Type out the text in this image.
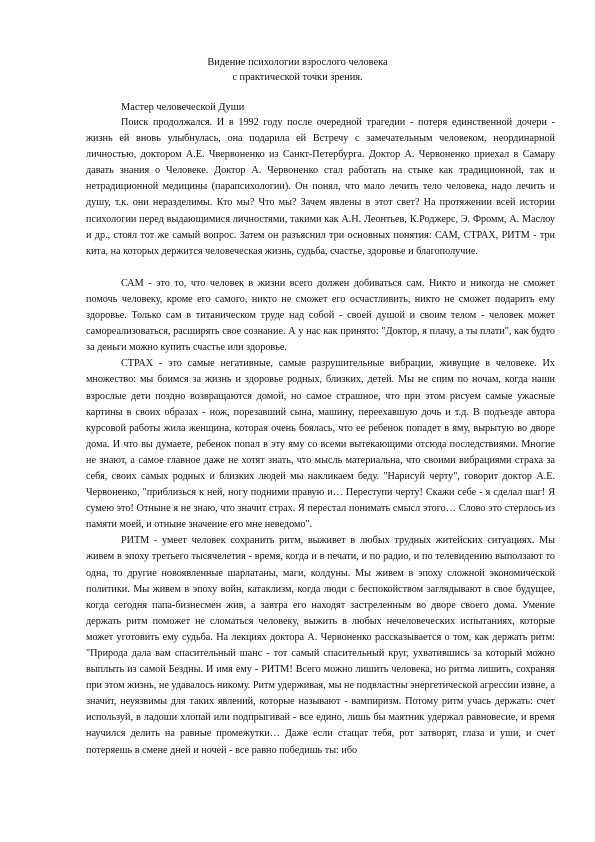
Видение психологии взрослого человека
с практической точки зрения.
Мастер человеческой Души

Поиск продолжался. И в 1992 году после очередной трагедии - потеря единственной дочери - жизнь ей вновь улыбнулась, она подарила ей Встречу с замечательным человеком, неординарной личностью, доктором А.Е. Чвервоненко из Санкт-Петербурга. Доктор А. Червоненко приехал в Самару давать знания о Человеке. Доктор А. Червоненко стал работать на стыке как традиционной, так и нетрадиционной медицины (парапсихологии). Он понял, что мало лечить тело человека, надо лечить и душу, т.к. они неразделимы. Кто мы? Что мы? Зачем явлены в этот свет? На протяжении всей истории психологии перед выдающимися личностями, такими как А.Н. Леонтьев, К.Роджерс, Э. Фромм, А. Маслоу и др., стоял тот же самый вопрос. Затем он разъяснил три основных понятия: САМ, СТРАХ, РИТМ - три кита, на которых держится человеческая жизнь, судьба, счастье, здоровье и благополучие.

САМ - это то, что человек в жизни всего должен добиваться сам. Никто и никогда не сможет помочь человеку, кроме его самого, никто не сможет его осчастливить, никто не сможет подарить ему здоровье. Только сам в титаническом труде над собой - своей душой и своим телом - человек может самореализоваться, расширять свое сознание. А у нас как принято: "Доктор, я плачу, а ты плати", как будто за деньги можно купить счастье или здоровье.

СТРАХ - это самые негативные, самые разрушительные вибрации, живущие в человеке. Их множество: мы боимся за жизнь и здоровье родных, близких, детей. Мы не спим по ночам, когда наши взрослые дети поздно возвращаются домой, но самое страшное, что при этом рисуем самые ужасные картины в своих образах - нож, порезавший сына, машину, переехавшую дочь и т.д. В подъезде авторa курсовой работы жила женщина, которая очень боялась, что ее ребенок попадет в яму, вырытую во дворе дома. И что вы думаете, ребенок попал в эту яму со всеми вытекающими отсюда последствиями. Многие не знают, а самое главное даже не хотят знать, что мысль материальна, что своими вибрациями страха за себя, своих самых родных и близких людей мы накликаем беду. "Нарисуй черту", говорит доктор А.Е. Червоненко, "приблизься к ней, ногу подними правую и… Переступи черту! Скажи себе - я сделал шаг! Я сумею это! Отныне я не знаю, что значит страх. Я перестал понимать смысл этого… Слово это стерлось из памяти моей, и отныне значение его мне неведомо".

РИТМ - умеет человек сохранить ритм, выживет в любых трудных житейских ситуациях. Мы живем в эпоху третьего тысячелетия - время, когда и в печати, и по радио, и по телевидению выползают то одна, то другие новоявленные шарлатаны, маги, колдуны. Мы живем в эпоху сложной экономической политики. Мы живем в эпоху войн, катаклизм, когда люди с беспокойством заглядывают в свое будущее, когда сегодня папа-бизнесмен жив, а завтра его находят застреленным во дворе своего дома. Умение держать ритм поможет не сломаться человеку, выжить в любых нечеловеческих испытаниях, которые может уготовить ему судьба. На лекциях доктора А. Червоненко рассказывается о том, как держать ритм: "Природа дала вам спасительный шанс - тот самый спасительный круг, ухватившись за который можно выплыть из самой Бездны. И имя ему - РИТМ! Всего можно лишить человека, но ритма лишить, сохраняя при этом жизнь, не удавалось никому. Ритм удерживая, мы не подвластны энергетической агрессии извне, а значит, неуязвимы для таких явлений, которые называют - вампиризм. Потому ритм учась держать: счет используй, в ладоши хлопай или подпрыгивай - все едино, лишь бы маятник удержал равновесие, и время научился делить на равные промежутки… Даже если стащат тебя, рот затворят, глаза и уши, и счет потеряешь в смене дней и ночей - все равно победишь ты: ибо
